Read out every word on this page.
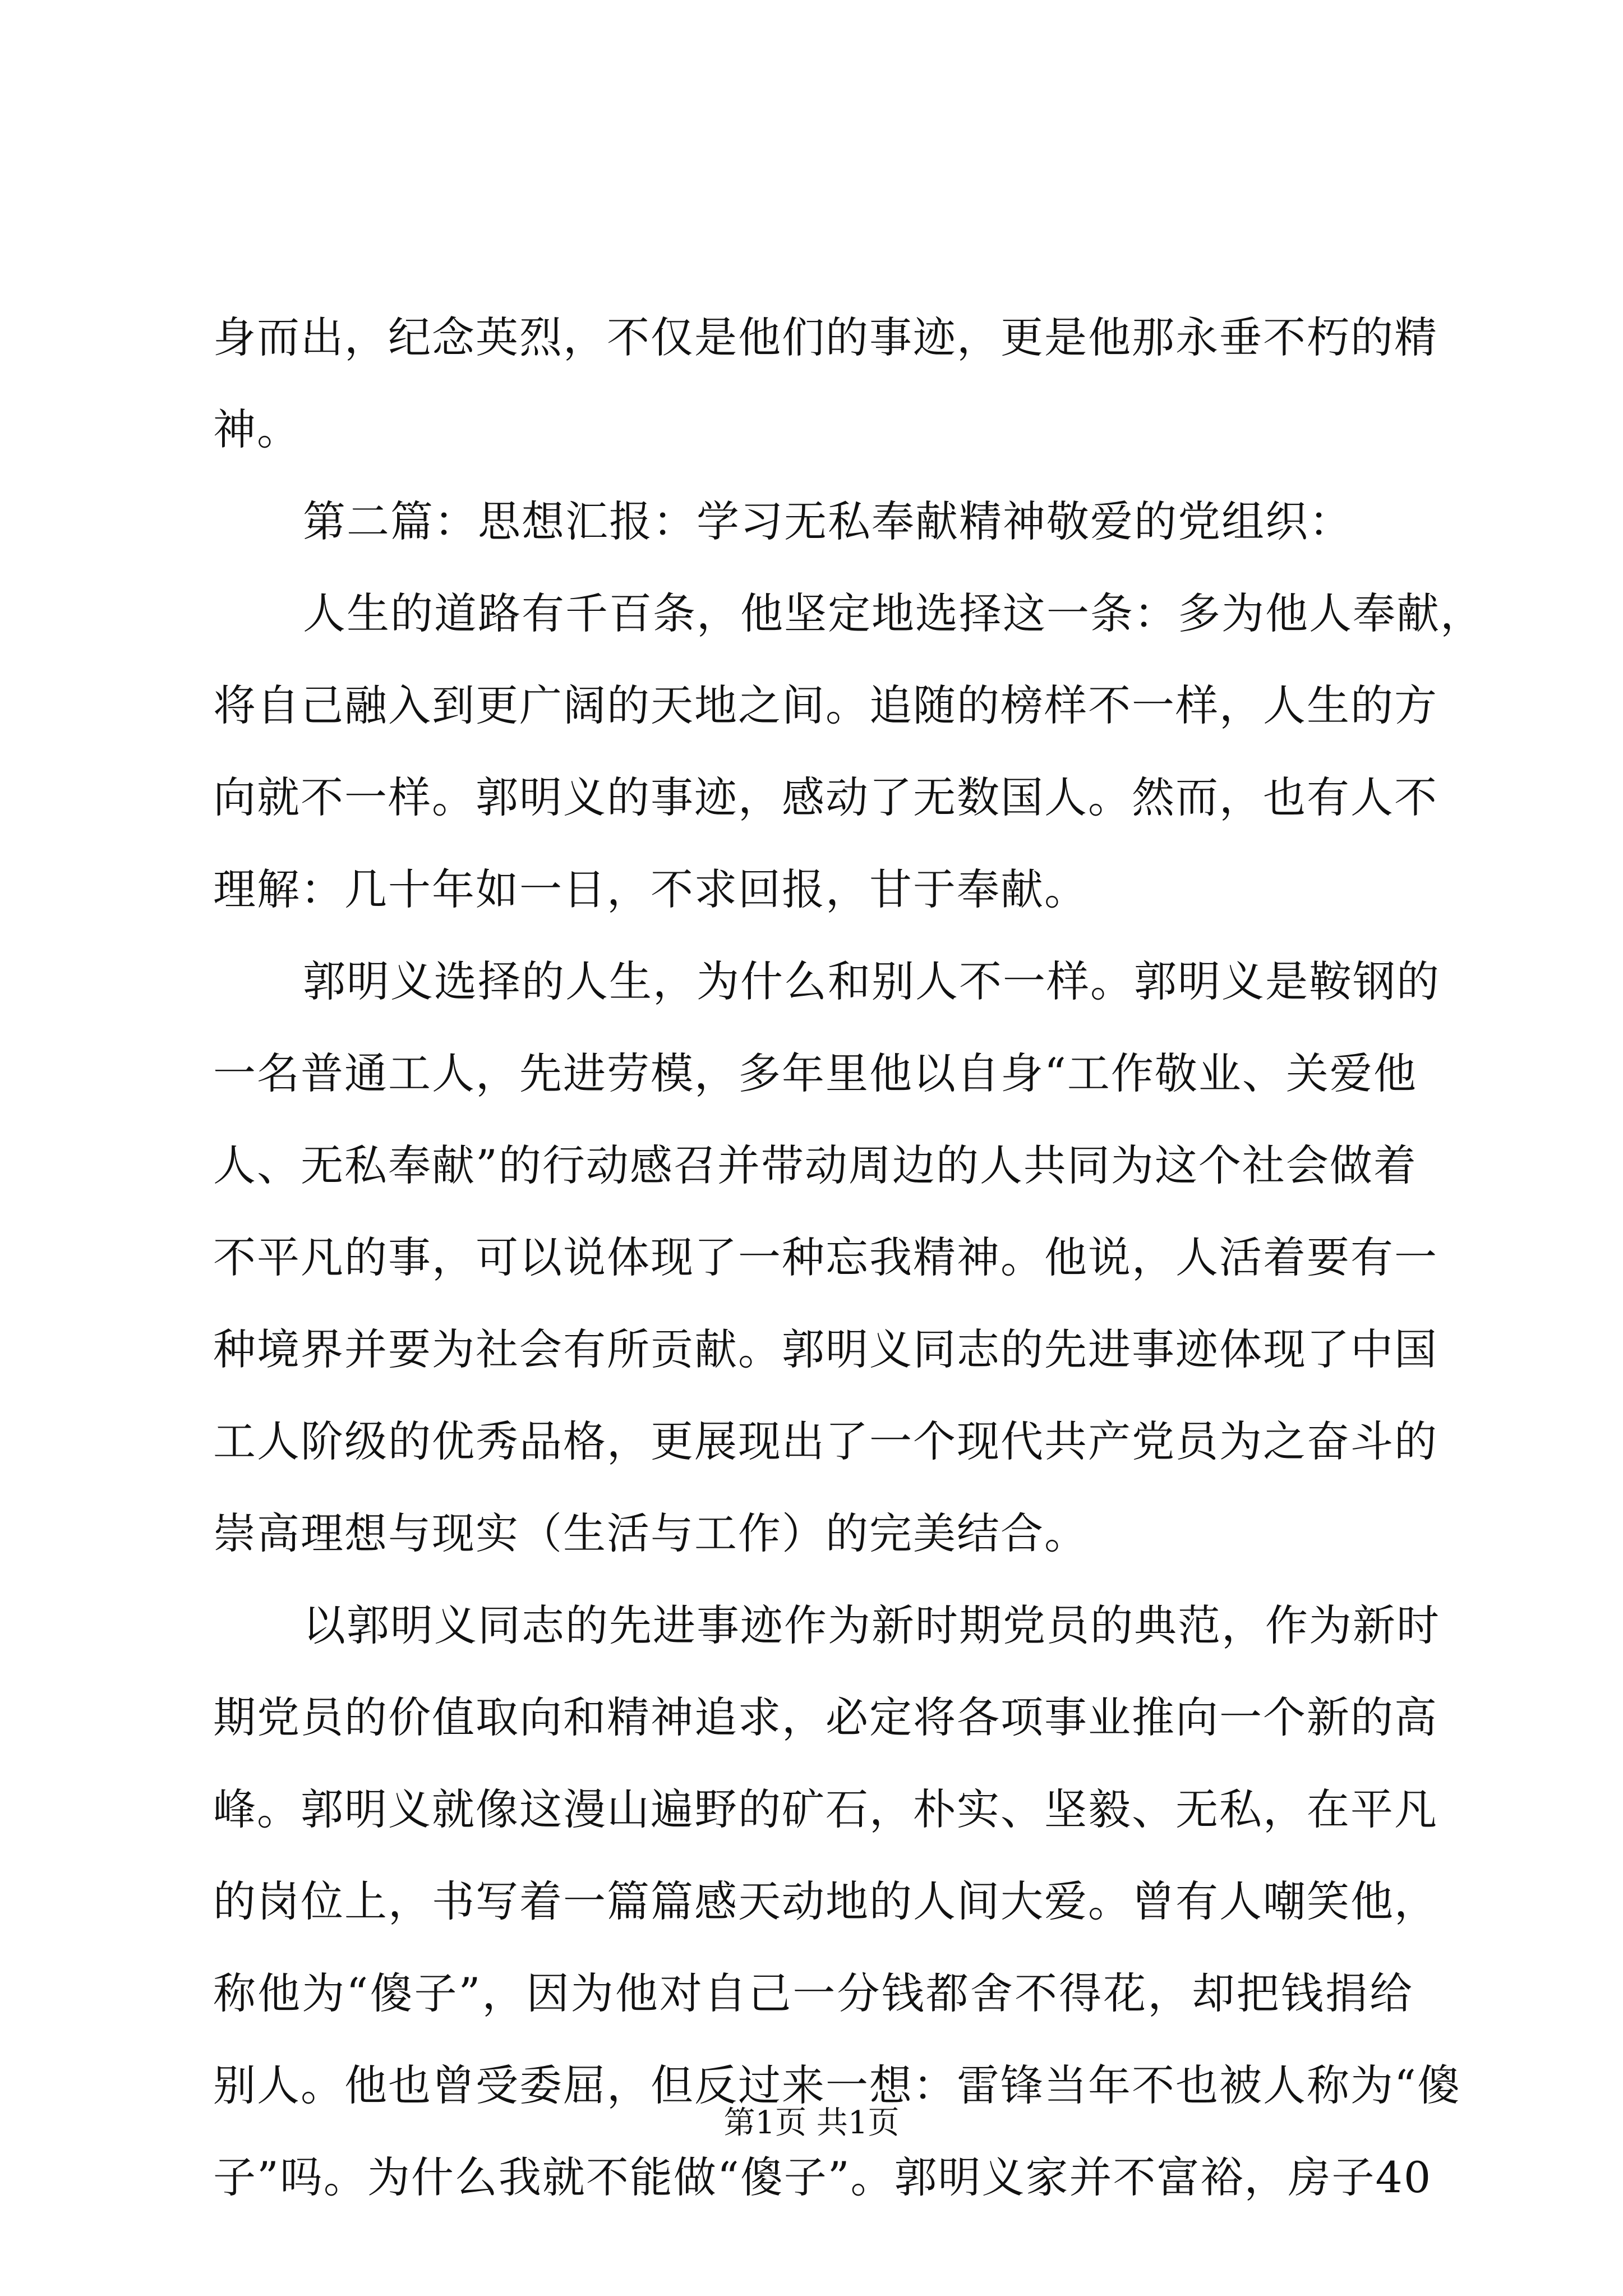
身而出，纪念英烈，不仅是他们的事迹，更是他那永垂不朽的精
神。
第二篇：思想汇报：学习无私奉献精神敬爱的党组织：
人生的道路有千百条，他坚定地选择这一条：多为他人奉献，
将自己融入到更广阔的天地之间。追随的榜样不一样，人生的方
向就不一样。郭明义的事迹，感动了无数国人。然而，也有人不
理解：几十年如一日，不求回报，甘于奉献。
郭明义选择的人生，为什么和别人不一样。郭明义是鞍钢的
一名普通工人，先进劳模，多年里他以自身“工作敬业、关爱他
人、无私奉献”的行动感召并带动周边的人共同为这个社会做着
不平凡的事，可以说体现了一种忘我精神。他说，人活着要有一
种境界并要为社会有所贡献。郭明义同志的先进事迹体现了中国
工人阶级的优秀品格，更展现出了一个现代共产党员为之奋斗的
崇高理想与现实（生活与工作）的完美结合。
以郭明义同志的先进事迹作为新时期党员的典范，作为新时
期党员的价值取向和精神追求，必定将各项事业推向一个新的高
峰。郭明义就像这漫山遍野的矿石，朴实、坚毅、无私，在平凡
的岗位上，书写着一篇篇感天动地的人间大爱。曾有人嘲笑他，
称他为“傻子”，因为他对自己一分钱都舍不得花，却把钱捐给
别人。他也曾受委屈，但反过来一想：雷锋当年不也被人称为“傻
子”吗。为什么我就不能做“傻子”。郭明义家并不富裕，房子40
第1页 共1页
